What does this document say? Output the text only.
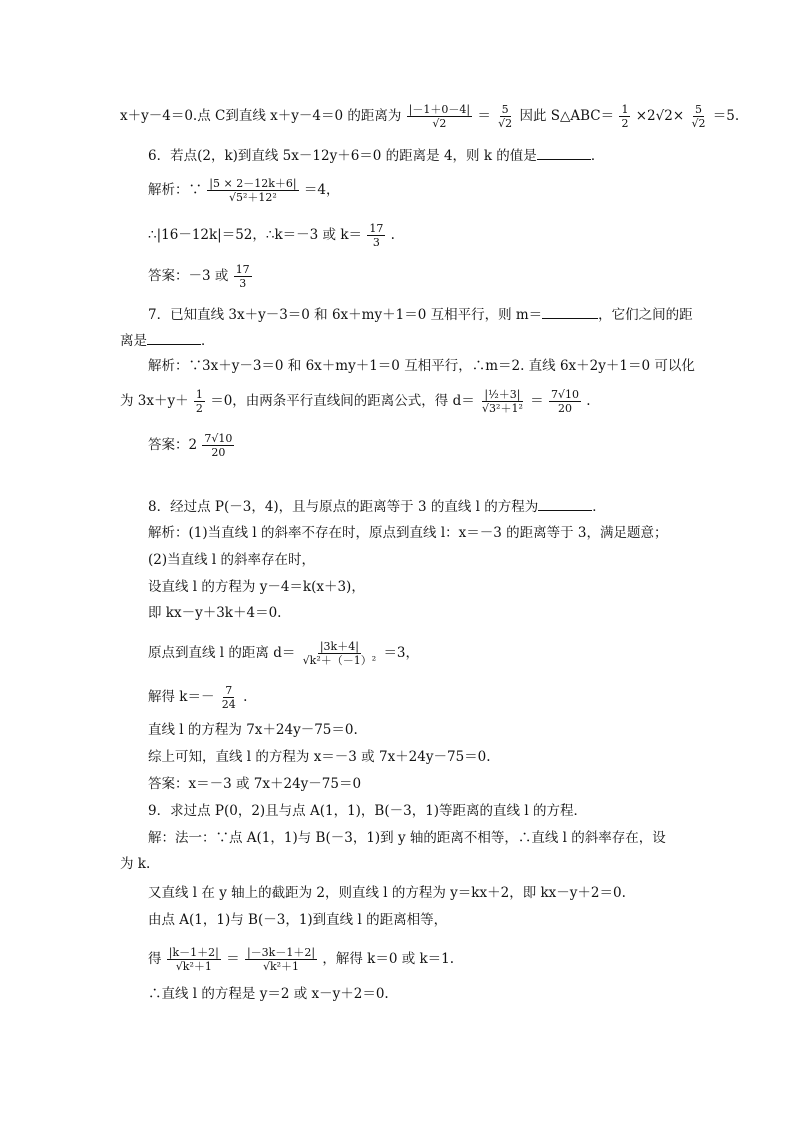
x＋y－4＝0.点 C到直线 x＋y－4＝0 的距离为 $\frac{|-1+0-4|}{√2} = \frac{5}{√2}$ 因此 S△ABC＝ $\frac{1}{2} \times 2√2\times \frac{5}{√2} =5$.
6．若点(2，k)到直线 5x－12y＋6＝0 的距离是 4，则 k 的值是	．
解析：∵ $\frac{|5 \times 2-12k+6|}{\text{√5²＋12²}} =4$，
∴|16－12k|＝52，∴k＝－3 或 $k= \frac{17}{3}$ .
答案：－3 或 $\frac{17}{3}$
7．已知直线 3x＋y－3＝0 和 6x＋my＋1＝0 互相平行，则 m＝	，它们之间的距
离是	．
解析：∵3x＋y－3＝0 和 6x＋my＋1＝0 互相平行，∴m＝2. 直线 6x＋2y＋1＝0 可以化
为 $3x+y+ \frac{1}{2} =0$，由两条平行直线间的距离公式，得 $d= \frac{\text{|½＋3|}}{\text{√3²＋1²}} = \frac{7√10}{20}$ .
答案：$2 \frac{7√10}{20}$
8．经过点 P(－3，4)，且与原点的距离等于 3 的直线 l 的方程为	．
解析：(1)当直线 l 的斜率不存在时，原点到直线 l：x＝－3 的距离等于 3，满足题意；
(2)当直线 l 的斜率存在时，
设直线 l 的方程为 y－4＝k(x＋3)，
即 kx－y＋3k＋4＝0.
原点到直线 l 的距离 $d= \frac{|3k+4|}{\text{√k²＋（－1）²}} =3$，
解得 $k=- \frac{7}{24}$ .
直线 l 的方程为 7x＋24y－75＝0.
综上可知，直线 l 的方程为 x＝－3 或 7x＋24y－75＝0.
答案：x＝－3 或 7x＋24y－75＝0
9．求过点 P(0，2)且与点 A(1，1)，B(－3，1)等距离的直线 l 的方程．
解：法一：∵点 A(1，1)与 B(－3，1)到 y 轴的距离不相等，∴直线 l 的斜率存在，设
为 k.
又直线 l 在 y 轴上的截距为 2，则直线 l 的方程为 y＝kx＋2，即 kx－y＋2＝0.
由点 A(1，1)与 B(－3，1)到直线 l 的距离相等，
得 $\frac{|k-1+2|}{\text{√k²＋1}} = \frac{|-3k-1+2|}{\text{√k²＋1}}$ ，解得 k＝0 或 k＝1.
∴直线 l 的方程是 y＝2 或 x－y＋2＝0.
